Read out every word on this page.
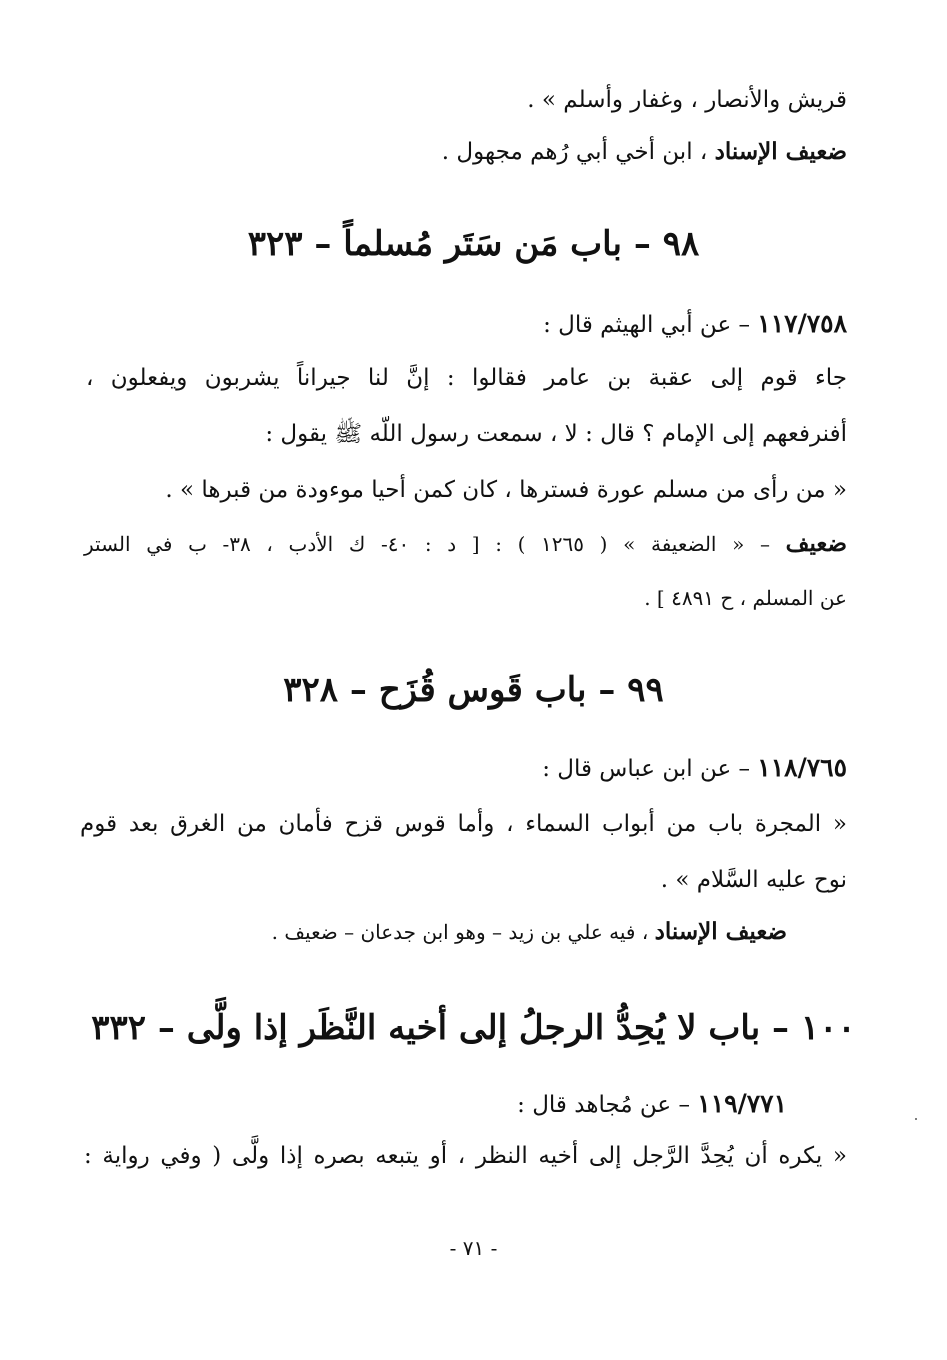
قريش والأنصار ، وغفار وأسلم » .
ضعيف الإسناد ، ابن أخي أبي رُهم مجهول .
٩٨ – باب مَن سَتَر مُسلماً – ٣٢٣
١١٧/٧٥٨ – عن أبي الهيثم قال :
جاء قوم إلى عقبة بن عامر فقالوا : إنَّ لنا جيراناً يشربون ويفعلون ،
أفنرفعهم إلى الإمام ؟ قال : لا ، سمعت رسول اللّه ﷺ يقول :
« من رأى من مسلم عورة فسترها ، كان كمن أحيا موءودة من قبرها » .
ضعيف – « الضعيفة » ( ١٢٦٥ ) : [ د : ٤٠- ك الأدب ، ٣٨- ب في الستر
عن المسلم ، ح ٤٨٩١ ] .
٩٩ – باب قَوس قُزَح – ٣٢٨
١١٨/٧٦٥ – عن ابن عباس قال :
« المجرة باب من أبواب السماء ، وأما قوس قزح فأمان من الغرق بعد قوم
نوح عليه السَّلام » .
ضعيف الإسناد ، فيه علي بن زيد – وهو ابن جدعان – ضعيف .
١٠٠ – باب لا يُحِدُّ الرجلُ إلى أخيه النَّظَر إذا ولَّى – ٣٣٢
١١٩/٧٧١ – عن مُجاهد قال :
« يكره أن يُحِدَّ الرَّجل إلى أخيه النظر ، أو يتبعه بصره إذا ولَّى ( وفي رواية :
- ٧١ -
